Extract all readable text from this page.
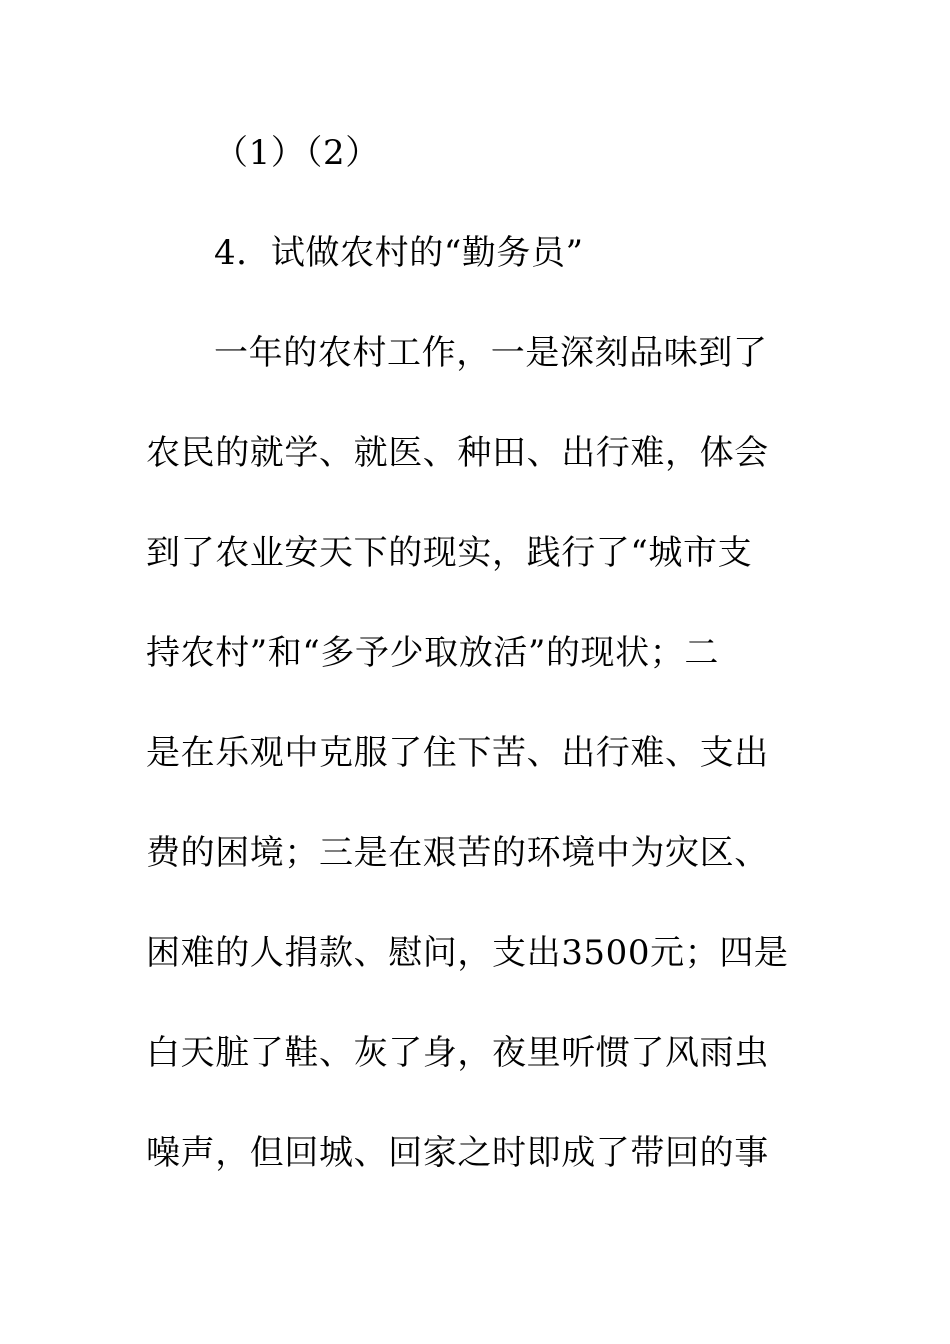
（1）（2）
4．试做农村的“勤务员”
一年的农村工作，一是深刻品味到了
农民的就学、就医、种田、出行难，体会
到了农业安天下的现实，践行了“城市支
持农村”和“多予少取放活”的现状；二
是在乐观中克服了住下苦、出行难、支出
费的困境；三是在艰苦的环境中为灾区、
困难的人捐款、慰问，支出3500元；四是
白天脏了鞋、灰了身，夜里听惯了风雨虫
噪声，但回城、回家之时即成了带回的事
